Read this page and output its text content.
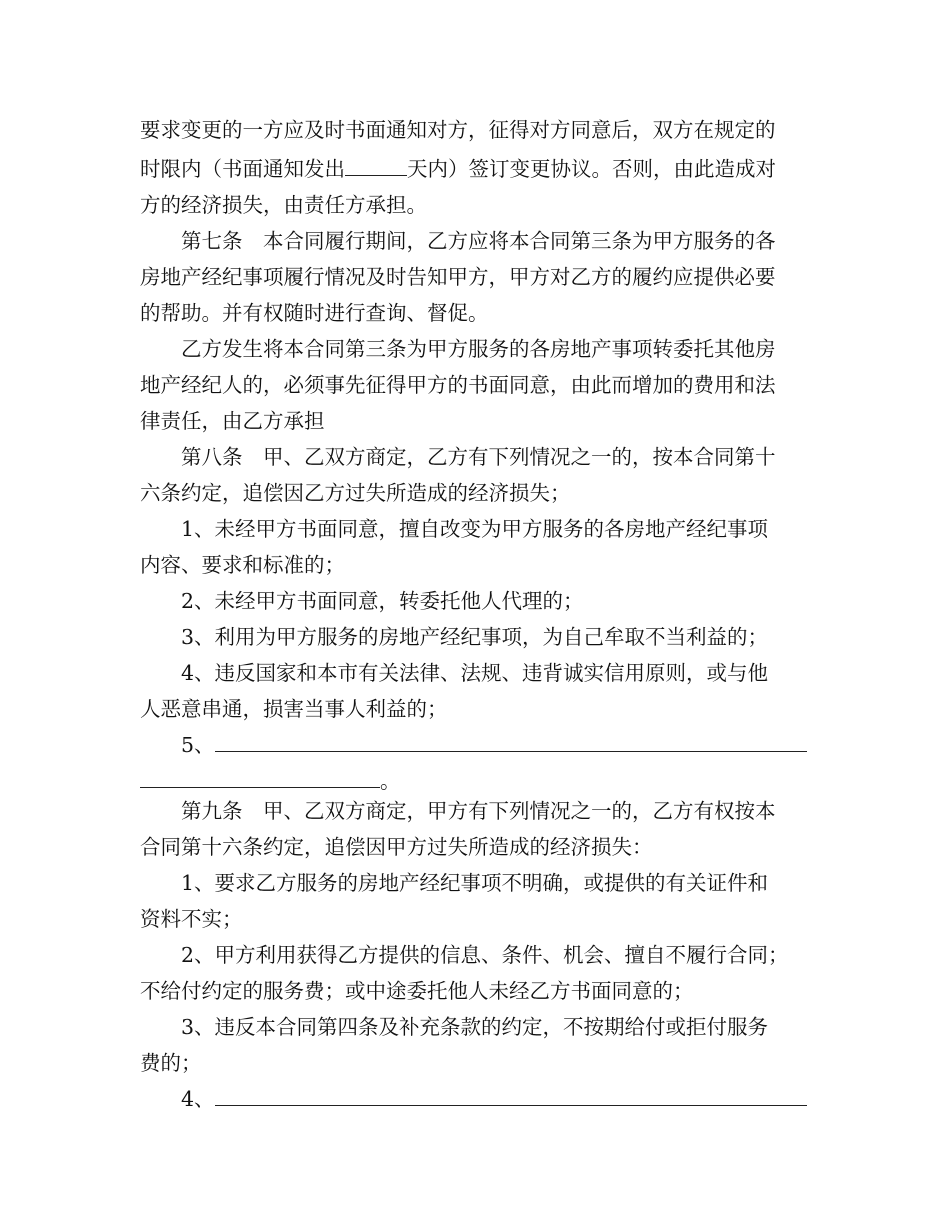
要求变更的一方应及时书面通知对方，征得对方同意后，双方在规定的
时限内（书面通知发出	天内）签订变更协议。否则，由此造成对
方的经济损失，由责任方承担。
第七条　本合同履行期间，乙方应将本合同第三条为甲方服务的各
房地产经纪事项履行情况及时告知甲方，甲方对乙方的履约应提供必要
的帮助。并有权随时进行查询、督促。
乙方发生将本合同第三条为甲方服务的各房地产事项转委托其他房
地产经纪人的，必须事先征得甲方的书面同意，由此而增加的费用和法
律责任，由乙方承担
第八条　甲、乙双方商定，乙方有下列情况之一的，按本合同第十
六条约定，追偿因乙方过失所造成的经济损失；
1、未经甲方书面同意，擅自改变为甲方服务的各房地产经纪事项
内容、要求和标准的；
2、未经甲方书面同意，转委托他人代理的；
3、利用为甲方服务的房地产经纪事项，为自己牟取不当利益的；
4、违反国家和本市有关法律、法规、违背诚实信用原则，或与他
人恶意串通，损害当事人利益的；
5、
。
第九条　甲、乙双方商定，甲方有下列情况之一的，乙方有权按本
合同第十六条约定，追偿因甲方过失所造成的经济损失：
1、要求乙方服务的房地产经纪事项不明确，或提供的有关证件和
资料不实；
2、甲方利用获得乙方提供的信息、条件、机会、擅自不履行合同；
不给付约定的服务费；或中途委托他人未经乙方书面同意的；
3、违反本合同第四条及补充条款的约定，不按期给付或拒付服务
费的；
4、
